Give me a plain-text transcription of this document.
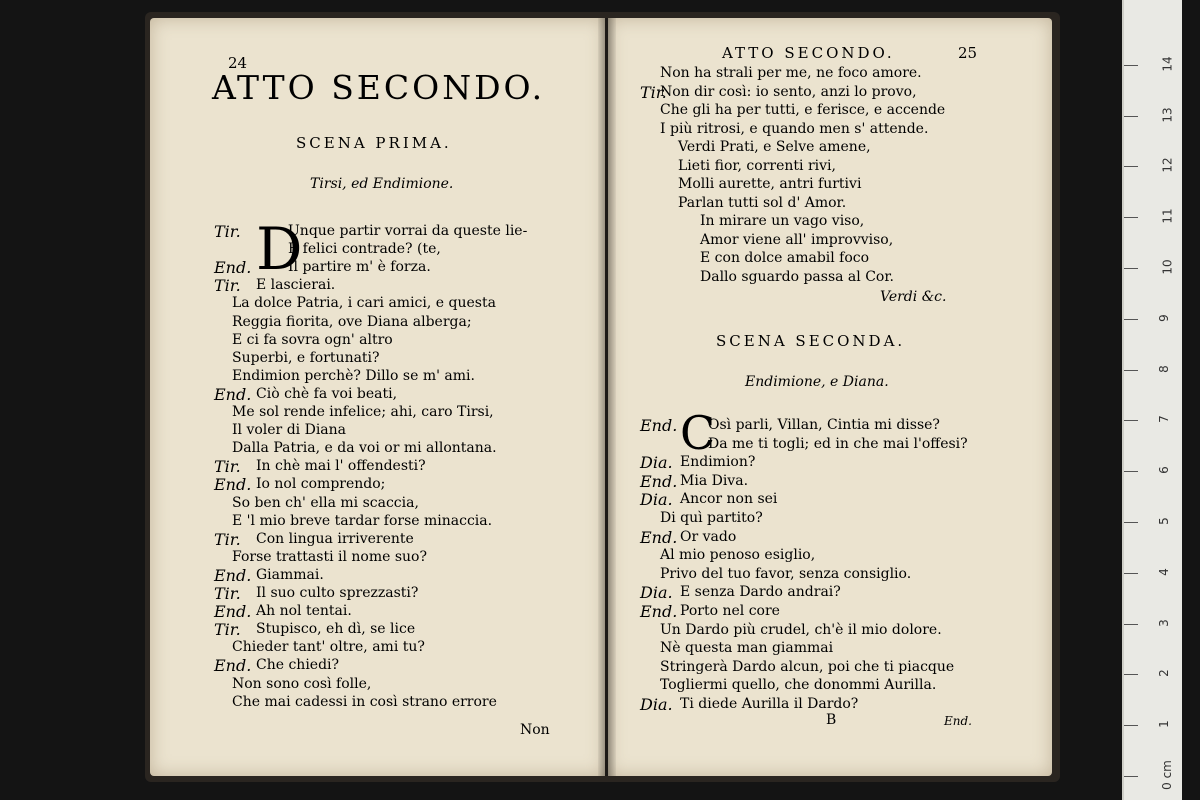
24
ATTO SECONDO.
SCENA PRIMA.
Tirsi, ed Endimione.
D
Tir.	Unque partir vorrai da queste lie-
E felici contrade? (te,
End.	Il partire m' è forza.
Tir. E lascierai.
La dolce Patria, i cari amici, e questa
Reggia fiorita, ove Diana alberga;
E ci fa sovra ogn' altro
Superbi, e fortunati?
Endimion perchè? Dillo se m' ami.
End. Ciò chè fa voi beati,
Me sol rende infelice; ahi, caro Tirsi,
Il voler di Diana
Dalla Patria, e da voi or mi allontana.
Tir. In chè mai l' offendesti?
End. Io nol comprendo;
So ben ch' ella mi scaccia,
E 'l mio breve tardar forse minaccia.
Tir. Con lingua irriverente
Forse trattasti il nome suo?
End. Giammai.
Tir. Il suo culto sprezzasti?
End. Ah nol tentai.
Tir. Stupisco, eh dì, se lice
Chieder tant' oltre, ami tu?
End. Che chiedi?
Non sono così folle,
Che mai cadessi in così strano errore
Non
ATTO SECONDO.	25
Non ha strali per me, ne foco amore.
Tir.
Non dir così: io sento, anzi lo provo,
Che gli ha per tutti, e ferisce, e accende
I più ritrosi, e quando men s' attende.
Verdi Prati, e Selve amene,
Lieti fior, correnti rivi,
Molli aurette, antri furtivi
Parlan tutti sol d' Amor.
In mirare un vago viso,
Amor viene all' improvviso,
E con dolce amabil foco
Dallo sguardo passa al Cor.
Verdi &c.
SCENA SECONDA.
Endimione, e Diana.
C
End. Osì parli, Villan, Cintia mi disse?
Da me ti togli; ed in che mai l'offesi?
Dia. Endimion?
End. Mia Diva.
Dia. Ancor non sei
Di quì partito?
End. Or vado
Al mio penoso esiglio,
Privo del tuo favor, senza consiglio.
Dia. E senza Dardo andrai?
End. Porto nel core
Un Dardo più crudel, ch'è il mio dolore.
Nè questa man giammai
Stringerà Dardo alcun, poi che ti piacque
Togliermi quello, che donommi Aurilla.
Dia. Ti diede Aurilla il Dardo?
B	End.
0 cm
1
2
3
4
5
6
7
8
9
10
11
12
13
14
